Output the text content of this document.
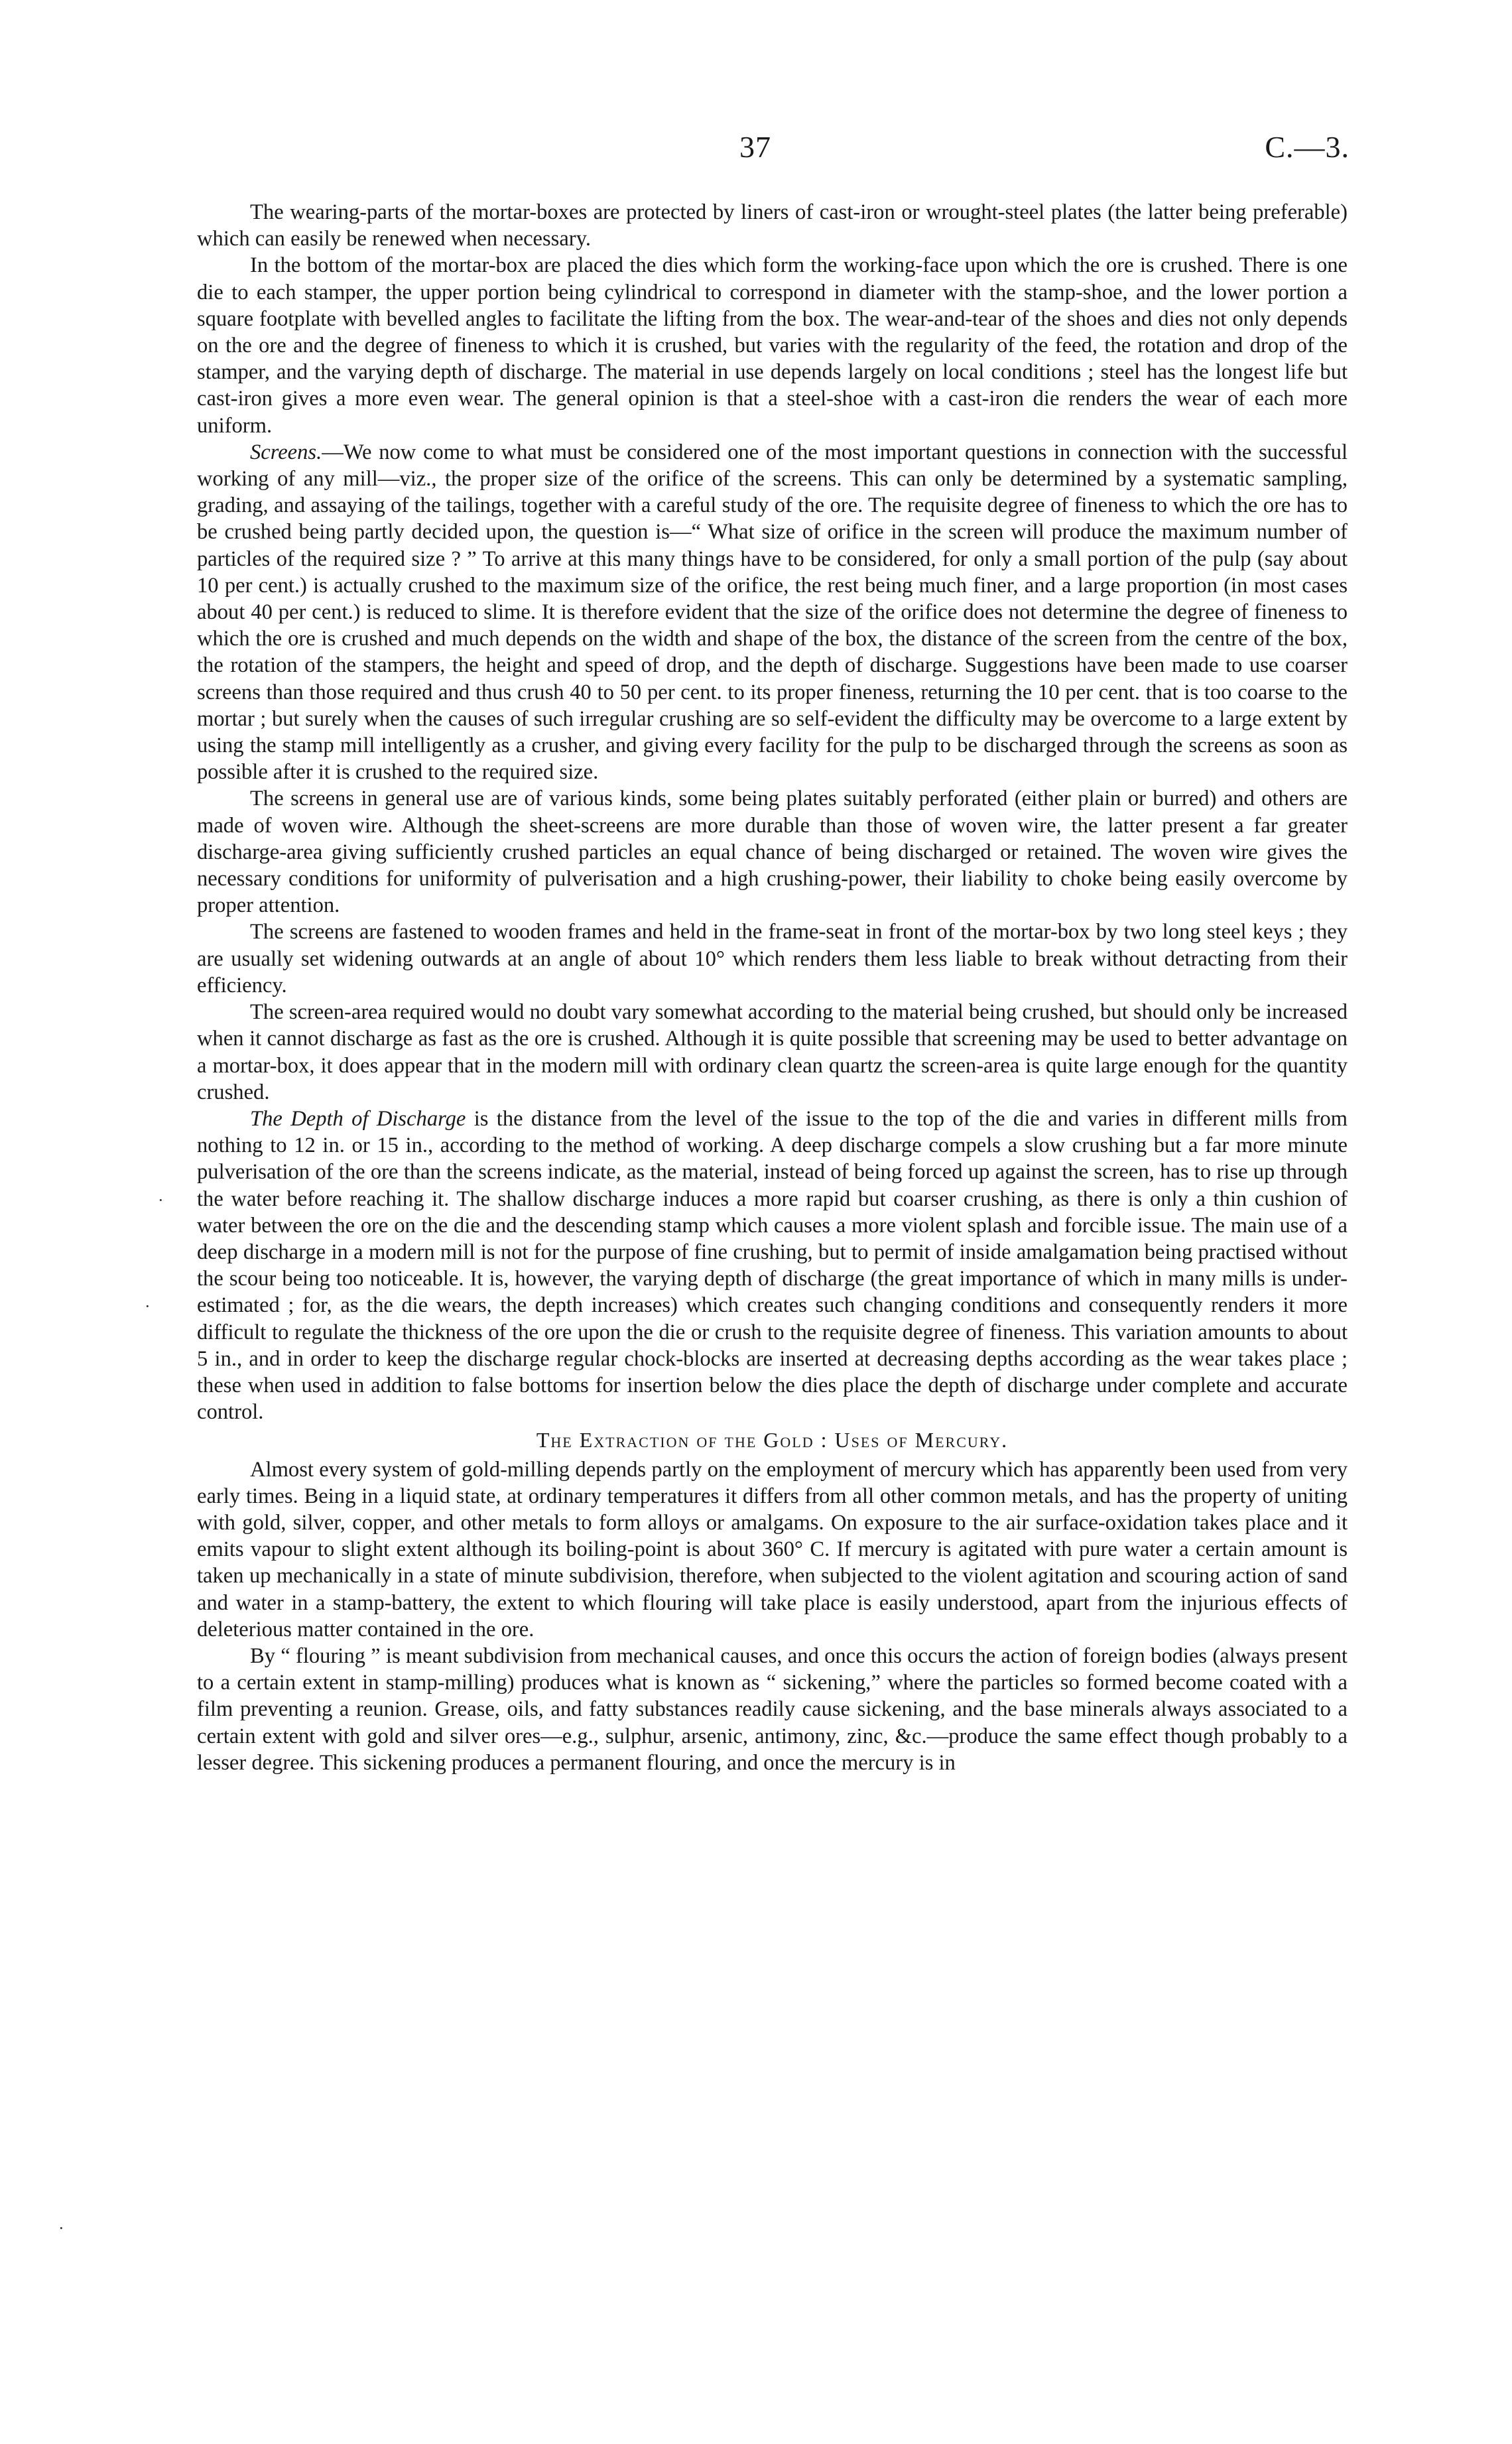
37	C.—3.

The wearing-parts of the mortar-boxes are protected by liners of cast-iron or wrought-steel plates (the latter being preferable) which can easily be renewed when necessary.

In the bottom of the mortar-box are placed the dies which form the working-face upon which the ore is crushed. There is one die to each stamper, the upper portion being cylindrical to correspond in diameter with the stamp-shoe, and the lower portion a square footplate with bevelled angles to facilitate the lifting from the box. The wear-and-tear of the shoes and dies not only depends on the ore and the degree of fineness to which it is crushed, but varies with the regularity of the feed, the rotation and drop of the stamper, and the varying depth of discharge. The material in use depends largely on local conditions ; steel has the longest life but cast-iron gives a more even wear. The general opinion is that a steel-shoe with a cast-iron die renders the wear of each more uniform.

Screens.—We now come to what must be considered one of the most important questions in connection with the successful working of any mill—viz., the proper size of the orifice of the screens. This can only be determined by a systematic sampling, grading, and assaying of the tailings, together with a careful study of the ore. The requisite degree of fineness to which the ore has to be crushed being partly decided upon, the question is—“ What size of orifice in the screen will produce the maximum number of particles of the required size ? ” To arrive at this many things have to be considered, for only a small portion of the pulp (say about 10 per cent.) is actually crushed to the maximum size of the orifice, the rest being much finer, and a large proportion (in most cases about 40 per cent.) is reduced to slime. It is therefore evident that the size of the orifice does not determine the degree of fineness to which the ore is crushed and much depends on the width and shape of the box, the distance of the screen from the centre of the box, the rotation of the stampers, the height and speed of drop, and the depth of discharge. Suggestions have been made to use coarser screens than those required and thus crush 40 to 50 per cent. to its proper fineness, returning the 10 per cent. that is too coarse to the mortar ; but surely when the causes of such irregular crushing are so self-evident the difficulty may be overcome to a large extent by using the stamp mill intelligently as a crusher, and giving every facility for the pulp to be discharged through the screens as soon as possible after it is crushed to the required size.

The screens in general use are of various kinds, some being plates suitably perforated (either plain or burred) and others are made of woven wire. Although the sheet-screens are more durable than those of woven wire, the latter present a far greater discharge-area giving sufficiently crushed particles an equal chance of being discharged or retained. The woven wire gives the necessary conditions for uniformity of pulverisation and a high crushing-power, their liability to choke being easily overcome by proper attention.

The screens are fastened to wooden frames and held in the frame-seat in front of the mortar-box by two long steel keys ; they are usually set widening outwards at an angle of about 10° which renders them less liable to break without detracting from their efficiency.

The screen-area required would no doubt vary somewhat according to the material being crushed, but should only be increased when it cannot discharge as fast as the ore is crushed. Although it is quite possible that screening may be used to better advantage on a mortar-box, it does appear that in the modern mill with ordinary clean quartz the screen-area is quite large enough for the quantity crushed.

The Depth of Discharge is the distance from the level of the issue to the top of the die and varies in different mills from nothing to 12 in. or 15 in., according to the method of working. A deep discharge compels a slow crushing but a far more minute pulverisation of the ore than the screens indicate, as the material, instead of being forced up against the screen, has to rise up through the water before reaching it. The shallow discharge induces a more rapid but coarser crushing, as there is only a thin cushion of water between the ore on the die and the descending stamp which causes a more violent splash and forcible issue. The main use of a deep discharge in a modern mill is not for the purpose of fine crushing, but to permit of inside amalgamation being practised without the scour being too noticeable. It is, however, the varying depth of discharge (the great importance of which in many mills is under-estimated ; for, as the die wears, the depth increases) which creates such changing conditions and consequently renders it more difficult to regulate the thickness of the ore upon the die or crush to the requisite degree of fineness. This variation amounts to about 5 in., and in order to keep the discharge regular chock-blocks are inserted at decreasing depths according as the wear takes place ; these when used in addition to false bottoms for insertion below the dies place the depth of discharge under complete and accurate control.

The Extraction of the Gold : Uses of Mercury.

Almost every system of gold-milling depends partly on the employment of mercury which has apparently been used from very early times. Being in a liquid state, at ordinary temperatures it differs from all other common metals, and has the property of uniting with gold, silver, copper, and other metals to form alloys or amalgams. On exposure to the air surface-oxidation takes place and it emits vapour to slight extent although its boiling-point is about 360° C. If mercury is agitated with pure water a certain amount is taken up mechanically in a state of minute subdivision, therefore, when subjected to the violent agitation and scouring action of sand and water in a stamp-battery, the extent to which flouring will take place is easily understood, apart from the injurious effects of deleterious matter contained in the ore.

By “ flouring ” is meant subdivision from mechanical causes, and once this occurs the action of foreign bodies (always present to a certain extent in stamp-milling) produces what is known as “ sickening,” where the particles so formed become coated with a film preventing a reunion. Grease, oils, and fatty substances readily cause sickening, and the base minerals always associated to a certain extent with gold and silver ores—e.g., sulphur, arsenic, antimony, zinc, &c.—produce the same effect though probably to a lesser degree. This sickening produces a permanent flouring, and once the mercury is in

·
·
·
